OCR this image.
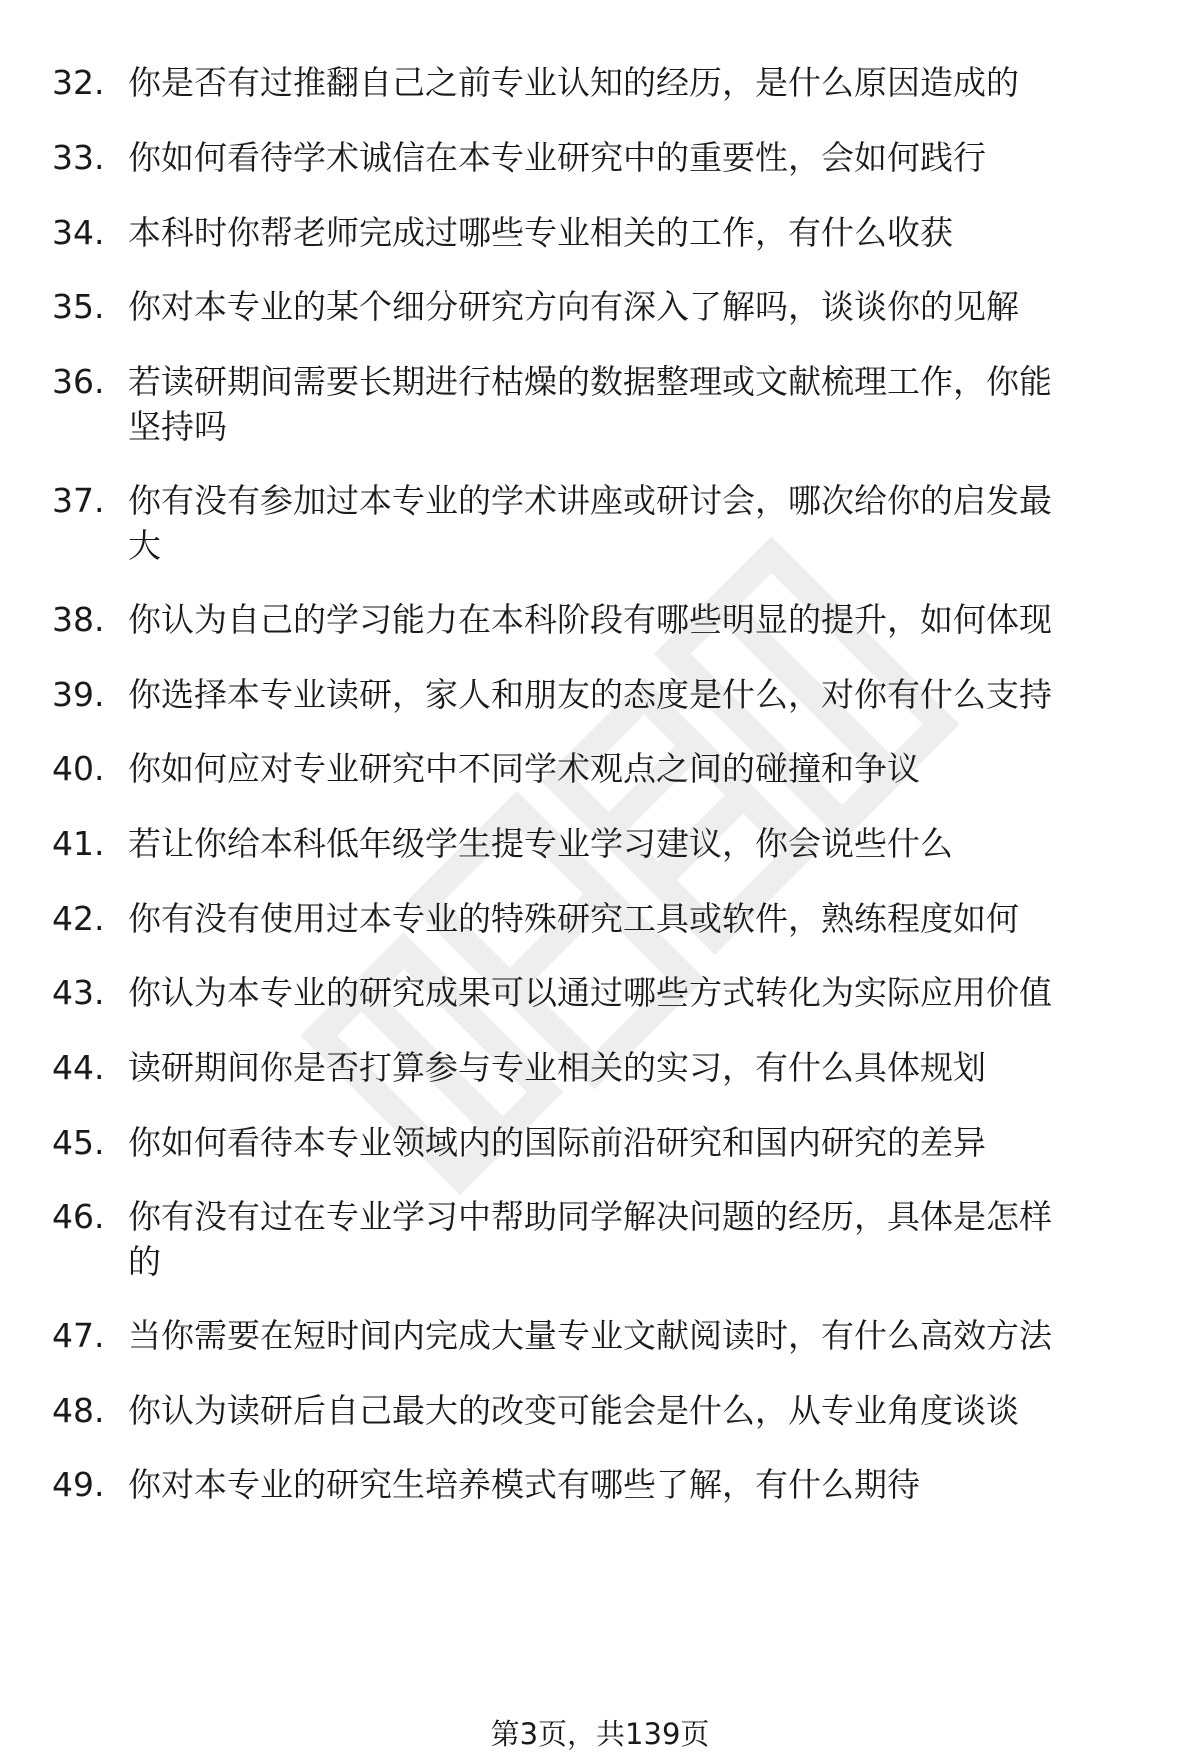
32. 你是否有过推翻自己之前专业认知的经历，是什么原因造成的
33. 你如何看待学术诚信在本专业研究中的重要性，会如何践行
34. 本科时你帮老师完成过哪些专业相关的工作，有什么收获
35. 你对本专业的某个细分研究方向有深入了解吗，谈谈你的见解
36. 若读研期间需要长期进行枯燥的数据整理或文献梳理工作，你能
坚持吗
37. 你有没有参加过本专业的学术讲座或研讨会，哪次给你的启发最
大
38. 你认为自己的学习能力在本科阶段有哪些明显的提升，如何体现
39. 你选择本专业读研，家人和朋友的态度是什么，对你有什么支持
40. 你如何应对专业研究中不同学术观点之间的碰撞和争议
41. 若让你给本科低年级学生提专业学习建议，你会说些什么
42. 你有没有使用过本专业的特殊研究工具或软件，熟练程度如何
43. 你认为本专业的研究成果可以通过哪些方式转化为实际应用价值
44. 读研期间你是否打算参与专业相关的实习，有什么具体规划
45. 你如何看待本专业领域内的国际前沿研究和国内研究的差异
46. 你有没有过在专业学习中帮助同学解决问题的经历，具体是怎样
的
47. 当你需要在短时间内完成大量专业文献阅读时，有什么高效方法
48. 你认为读研后自己最大的改变可能会是什么，从专业角度谈谈
49. 你对本专业的研究生培养模式有哪些了解，有什么期待
第3页，共139页
